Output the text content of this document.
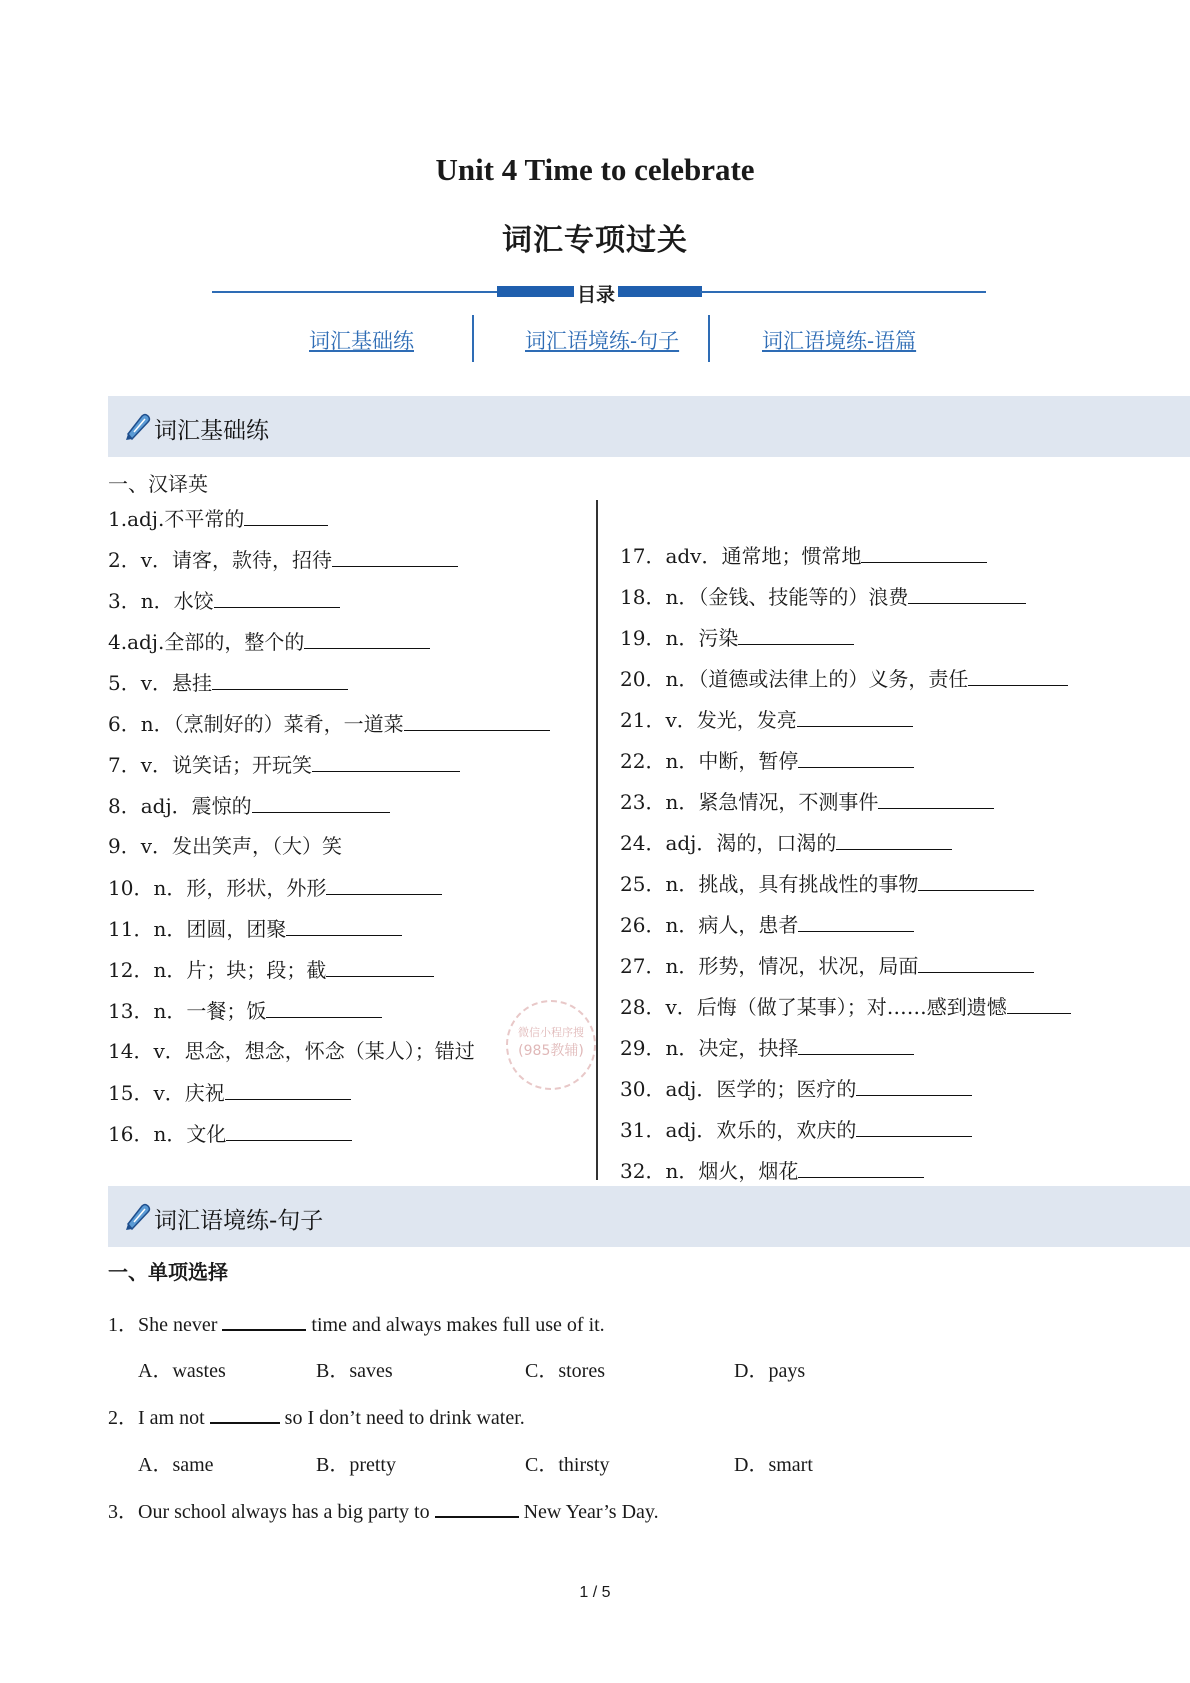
Unit 4 Time to celebrate
词汇专项过关
目录
词汇基础练	词汇语境练-句子	词汇语境练-语篇
词汇基础练
一、汉译英
1.adj.不平常的
2．v．请客，款待，招待
3．n．水饺
4.adj.全部的，整个的
5．v．悬挂
6．n．（烹制好的）菜肴，一道菜
7．v．说笑话；开玩笑
8．adj．震惊的
9．v．发出笑声，（大）笑
10．n．形，形状，外形
11．n．团圆，团聚
12．n．片；块；段；截
13．n．一餐；饭
14．v．思念，想念，怀念（某人）；错过
15．v．庆祝
16．n．文化
17．adv．通常地；惯常地
18．n．（金钱、技能等的）浪费
19．n．污染
20．n．（道德或法律上的）义务，责任
21．v．发光，发亮
22．n．中断，暂停
23．n．紧急情况，不测事件
24．adj．渴的，口渴的
25．n．挑战，具有挑战性的事物
26．n．病人，患者
27．n．形势，情况，状况，局面
28．v．后悔（做了某事）；对……感到遗憾
29．n．决定，抉择
30．adj．医学的；医疗的
31．adj．欢乐的，欢庆的
32．n．烟火，烟花
微信小程序搜
(985教辅)
词汇语境练-句子
一、单项选择
1．She never	time and always makes full use of it.
A．wastes	B．saves	C．stores	D．pays
2．I am not	so I don’t need to drink water.
A．same	B．pretty	C．thirsty	D．smart
3．Our school always has a big party to	New Year’s Day.
1 / 5
